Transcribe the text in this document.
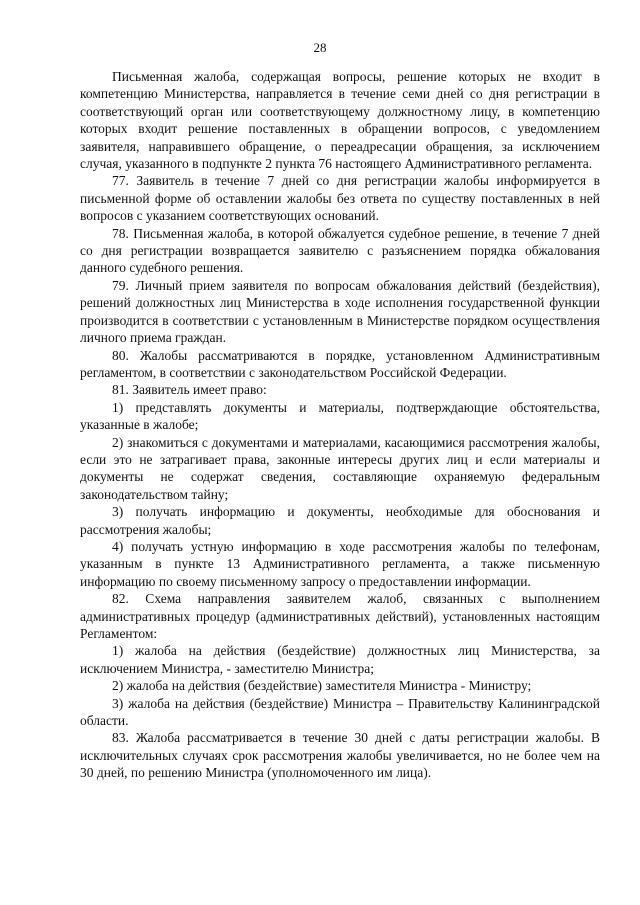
28

Письменная жалоба, содержащая вопросы, решение которых не входит в компетенцию Министерства, направляется в течение семи дней со дня регистрации в соответствующий орган или соответствующему должностному лицу, в компетенцию которых входит решение поставленных в обращении вопросов, с уведомлением заявителя, направившего обращение, о переадресации обращения, за исключением случая, указанного в подпункте 2 пункта 76 настоящего Административного регламента.

77. Заявитель в течение 7 дней со дня регистрации жалобы информируется в письменной форме об оставлении жалобы без ответа по существу поставленных в ней вопросов с указанием соответствующих оснований.

78. Письменная жалоба, в которой обжалуется судебное решение, в течение 7 дней со дня регистрации возвращается заявителю с разъяснением порядка обжалования данного судебного решения.

79. Личный прием заявителя по вопросам обжалования действий (бездействия), решений должностных лиц Министерства в ходе исполнения государственной функции производится в соответствии с установленным в Министерстве порядком осуществления личного приема граждан.

80. Жалобы рассматриваются в порядке, установленном Административным регламентом, в соответствии с законодательством Российской Федерации.

81. Заявитель имеет право:

1) представлять документы и материалы, подтверждающие обстоятельства, указанные в жалобе;

2) знакомиться с документами и материалами, касающимися рассмотрения жалобы, если это не затрагивает права, законные интересы других лиц и если материалы и документы не содержат сведения, составляющие охраняемую федеральным законодательством тайну;

3) получать информацию и документы, необходимые для обоснования и рассмотрения жалобы;

4) получать устную информацию в ходе рассмотрения жалобы по телефонам, указанным в пункте 13 Административного регламента, а также письменную информацию по своему письменному запросу о предоставлении информации.

82. Схема направления заявителем жалоб, связанных с выполнением административных процедур (административных действий), установленных настоящим Регламентом:

1) жалоба на действия (бездействие) должностных лиц Министерства, за исключением Министра, - заместителю Министра;

2) жалоба на действия (бездействие) заместителя Министра - Министру;

3) жалоба на действия (бездействие) Министра – Правительству Калининградской области.

83. Жалоба рассматривается в течение 30 дней с даты регистрации жалобы. В исключительных случаях срок рассмотрения жалобы увеличивается, но не более чем на 30 дней, по решению Министра (уполномоченного им лица).
